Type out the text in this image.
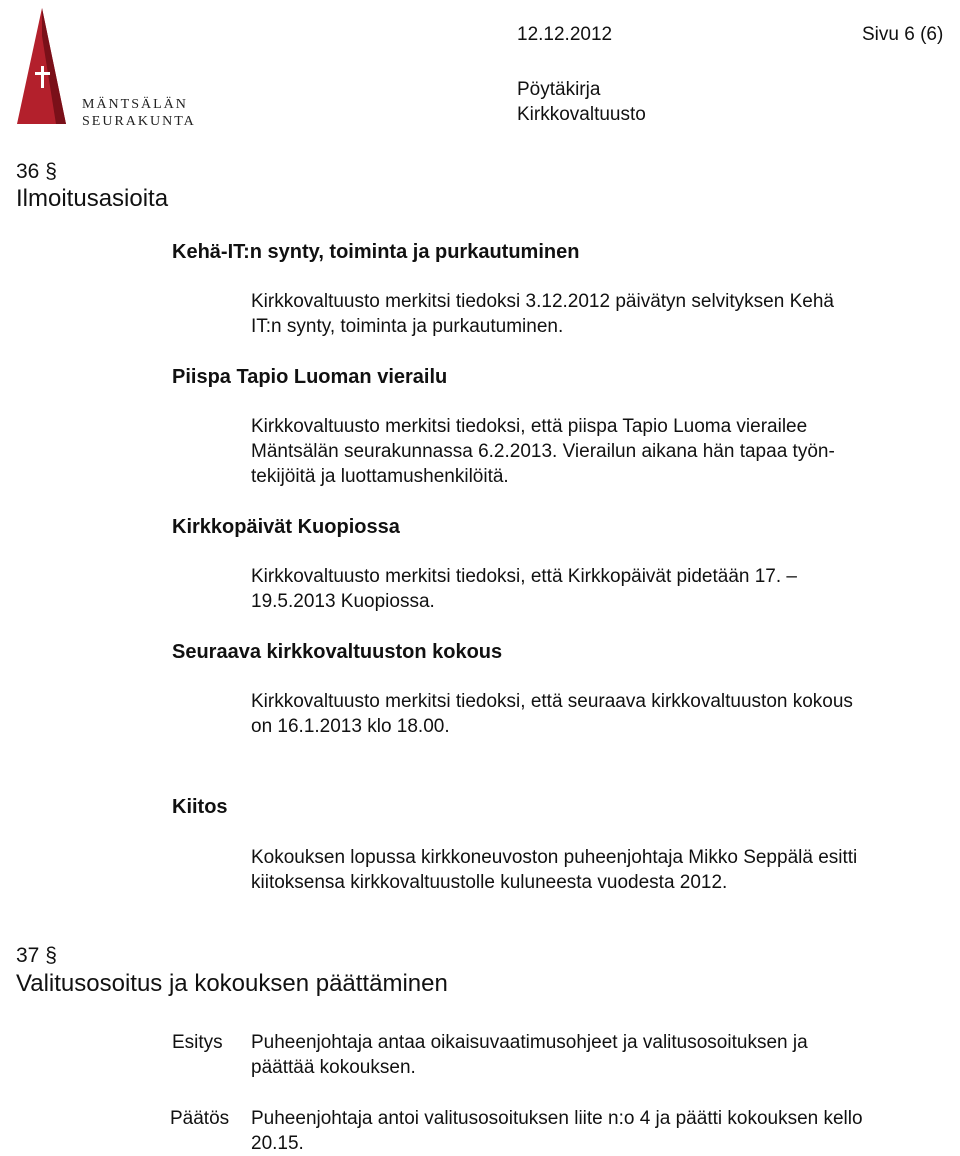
MÄNTSÄLÄN
SEURAKUNTA
12.12.2012	Sivu 6 (6)
Pöytäkirja
Kirkkovaltuusto
36 §
Ilmoitusasioita
Kehä-IT:n synty, toiminta ja purkautuminen

Kirkkovaltuusto merkitsi tiedoksi 3.12.2012 päivätyn selvityksen Kehä

IT:n synty, toiminta ja purkautuminen.

Piispa Tapio Luoman vierailu

Kirkkovaltuusto merkitsi tiedoksi, että piispa Tapio Luoma vierailee

Mäntsälän seurakunnassa 6.2.2013. Vierailun aikana hän tapaa työn-

tekijöitä ja luottamushenkilöitä.

Kirkkopäivät Kuopiossa

Kirkkovaltuusto merkitsi tiedoksi, että Kirkkopäivät pidetään 17. –

19.5.2013 Kuopiossa.

Seuraava kirkkovaltuuston kokous

Kirkkovaltuusto merkitsi tiedoksi, että seuraava kirkkovaltuuston kokous

on 16.1.2013 klo 18.00.

Kiitos

Kokouksen lopussa kirkkoneuvoston puheenjohtaja Mikko Seppälä esitti

kiitoksensa kirkkovaltuustolle kuluneesta vuodesta 2012.

37 §
Valitusosoitus ja kokouksen päättäminen
Esitys Puheenjohtaja antaa oikaisuvaatimusohjeet ja valitusosoituksen ja

päättää kokouksen.

Päätös Puheenjohtaja antoi valitusosoituksen liite n:o 4 ja päätti kokouksen kello

20.15.
